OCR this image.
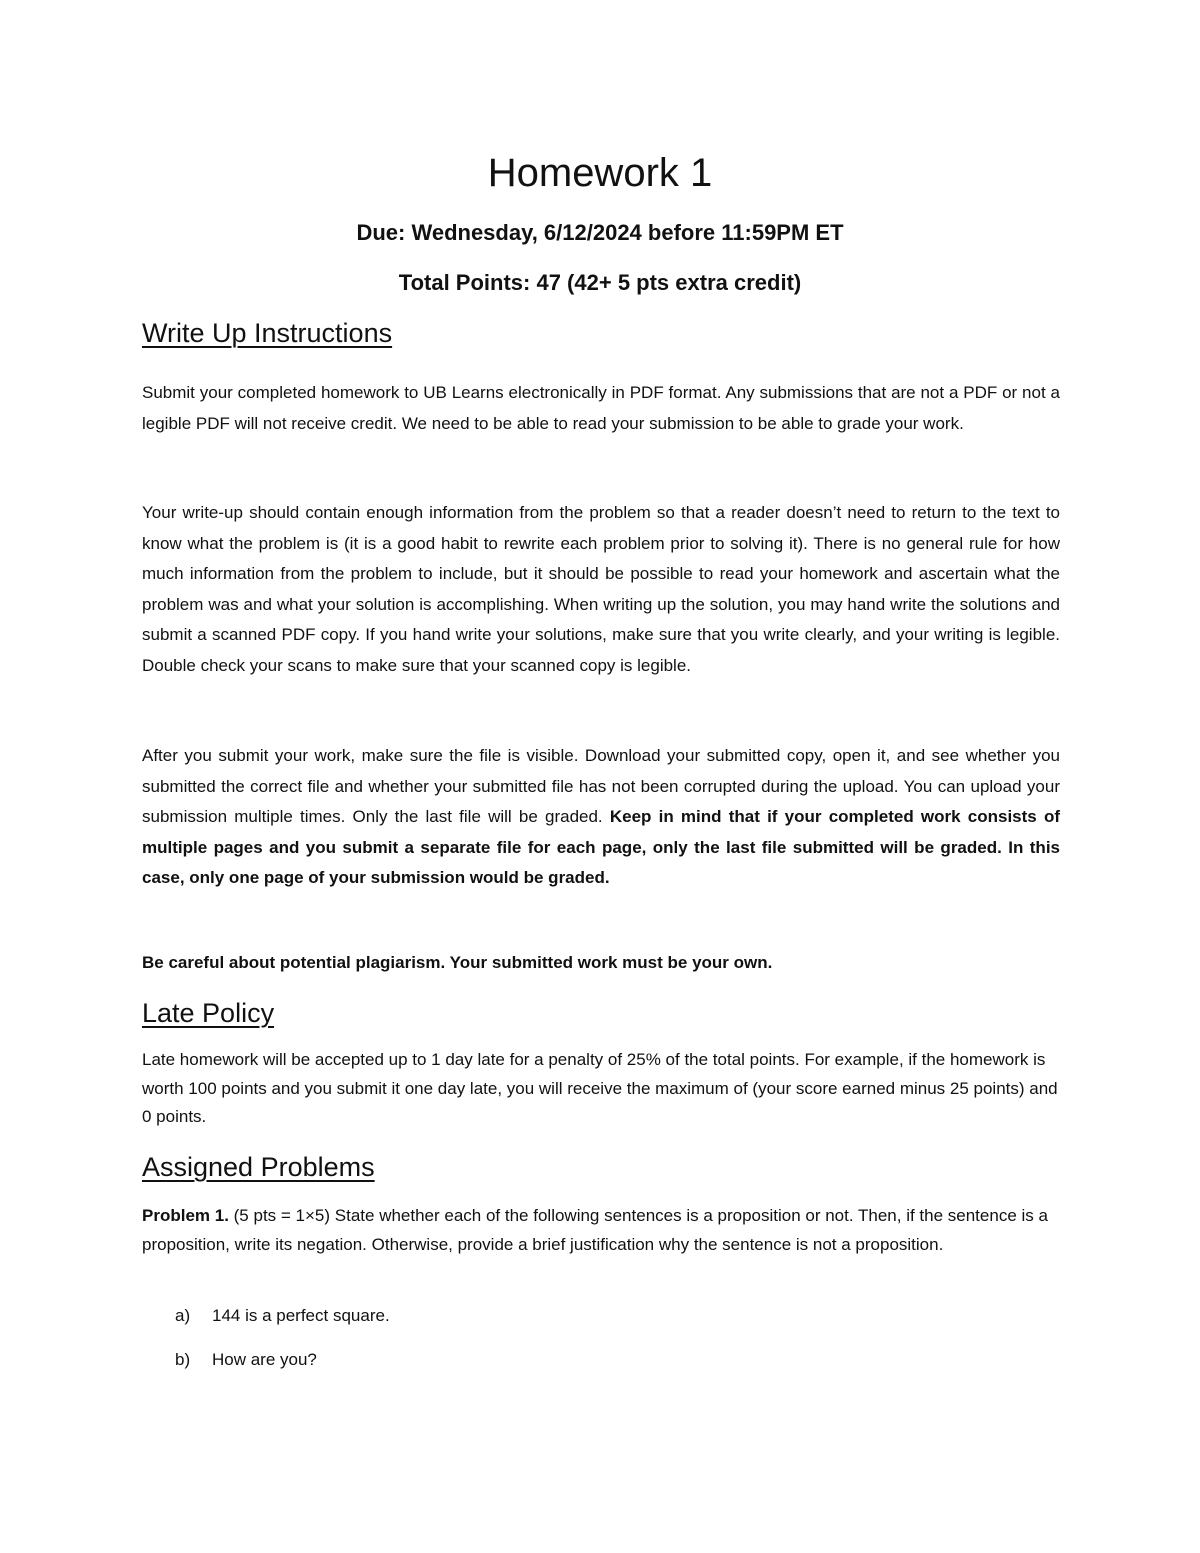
Homework 1
Due: Wednesday, 6/12/2024 before 11:59PM ET
Total Points: 47 (42+ 5 pts extra credit)
Write Up Instructions
Submit your completed homework to UB Learns electronically in PDF format. Any submissions that are not a PDF or not a legible PDF will not receive credit. We need to be able to read your submission to be able to grade your work.
Your write-up should contain enough information from the problem so that a reader doesn’t need to return to the text to know what the problem is (it is a good habit to rewrite each problem prior to solving it). There is no general rule for how much information from the problem to include, but it should be possible to read your homework and ascertain what the problem was and what your solution is accomplishing. When writing up the solution, you may hand write the solutions and submit a scanned PDF copy. If you hand write your solutions, make sure that you write clearly, and your writing is legible. Double check your scans to make sure that your scanned copy is legible.
After you submit your work, make sure the file is visible. Download your submitted copy, open it, and see whether you submitted the correct file and whether your submitted file has not been corrupted during the upload. You can upload your submission multiple times. Only the last file will be graded. Keep in mind that if your completed work consists of multiple pages and you submit a separate file for each page, only the last file submitted will be graded. In this case, only one page of your submission would be graded.
Be careful about potential plagiarism. Your submitted work must be your own.
Late Policy
Late homework will be accepted up to 1 day late for a penalty of 25% of the total points. For example, if the homework is worth 100 points and you submit it one day late, you will receive the maximum of (your score earned minus 25 points) and 0 points.
Assigned Problems
Problem 1. (5 pts = 1×5) State whether each of the following sentences is a proposition or not. Then, if the sentence is a proposition, write its negation. Otherwise, provide a brief justification why the sentence is not a proposition.
a) 144 is a perfect square.
b) How are you?
